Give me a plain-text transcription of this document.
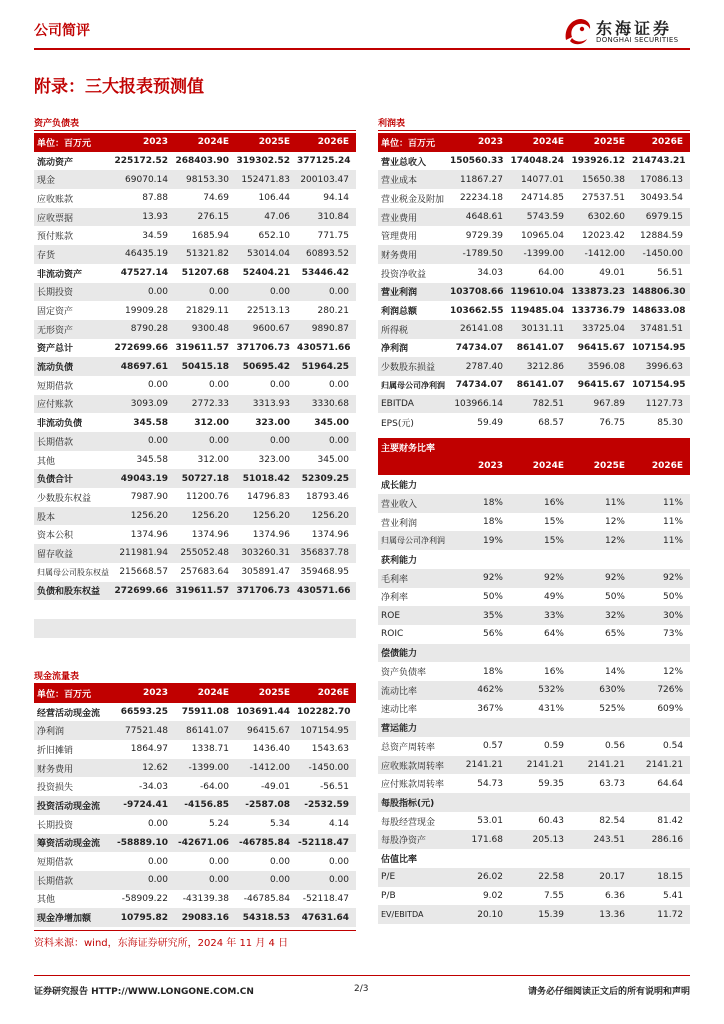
公司简评	东海证券
DONGHAI SECURITIES
附录：三大报表预测值
资产负债表
单位：百万元	2023	2024E	2025E	2026E
流动资产	225172.52	268403.90	319302.52	377125.24
现金	69070.14	98153.30	152471.83	200103.47
应收账款	87.88	74.69	106.44	94.14
应收票据	13.93	276.15	47.06	310.84
预付账款	34.59	1685.94	652.10	771.75
存货	46435.19	51321.82	53014.04	60893.52
非流动资产	47527.14	51207.68	52404.21	53446.42
长期投资	0.00	0.00	0.00	0.00
固定资产	19909.28	21829.11	22513.13	280.21
无形资产	8790.28	9300.48	9600.67	9890.87
资产总计	272699.66	319611.57	371706.73	430571.66
流动负债	48697.61	50415.18	50695.42	51964.25
短期借款	0.00	0.00	0.00	0.00
应付账款	3093.09	2772.33	3313.93	3330.68
非流动负债	345.58	312.00	323.00	345.00
长期借款	0.00	0.00	0.00	0.00
其他	345.58	312.00	323.00	345.00
负债合计	49043.19	50727.18	51018.42	52309.25
少数股东权益	7987.90	11200.76	14796.83	18793.46
股本	1256.20	1256.20	1256.20	1256.20
资本公积	1374.96	1374.96	1374.96	1374.96
留存收益	211981.94	255052.48	303260.31	356837.78
归属母公司股东权益	215668.57	257683.64	305891.47	359468.95
负债和股东权益	272699.66	319611.57	371706.73	430571.66

现金流量表
单位：百万元	2023	2024E	2025E	2026E
经营活动现金流	66593.25	75911.08	103691.44	102282.70
净利润	77521.48	86141.07	96415.67	107154.95
折旧摊销	1864.97	1338.71	1436.40	1543.63
财务费用	12.62	-1399.00	-1412.00	-1450.00
投资损失	-34.03	-64.00	-49.01	-56.51
投资活动现金流	-9724.41	-4156.85	-2587.08	-2532.59
长期投资	0.00	5.24	5.34	4.14
筹资活动现金流	-58889.10	-42671.06	-46785.84	-52118.47
短期借款	0.00	0.00	0.00	0.00
长期借款	0.00	0.00	0.00	0.00
其他	-58909.22	-43139.38	-46785.84	-52118.47
现金净增加额	10795.82	29083.16	54318.53	47631.64
利润表
单位：百万元	2023	2024E	2025E	2026E
营业总收入	150560.33	174048.24	193926.12	214743.21
营业成本	11867.27	14077.01	15650.38	17086.13
营业税金及附加	22234.18	24714.85	27537.51	30493.54
营业费用	4648.61	5743.59	6302.60	6979.15
管理费用	9729.39	10965.04	12023.42	12884.59
财务费用	-1789.50	-1399.00	-1412.00	-1450.00
投资净收益	34.03	64.00	49.01	56.51
营业利润	103708.66	119610.04	133873.23	148806.30
利润总额	103662.55	119485.04	133736.79	148633.08
所得税	26141.08	30131.11	33725.04	37481.51
净利润	74734.07	86141.07	96415.67	107154.95
少数股东损益	2787.40	3212.86	3596.08	3996.63
归属母公司净利润	74734.07	86141.07	96415.67	107154.95
EBITDA	103966.14	782.51	967.89	1127.73
EPS(元)	59.49	68.57	76.75	85.30
主要财务比率				
	2023	2024E	2025E	2026E
成长能力				
营业收入	18%	16%	11%	11%
营业利润	18%	15%	12%	11%
归属母公司净利润	19%	15%	12%	11%
获利能力				
毛利率	92%	92%	92%	92%
净利率	50%	49%	50%	50%
ROE	35%	33%	32%	30%
ROIC	56%	64%	65%	73%
偿债能力				
资产负债率	18%	16%	14%	12%
流动比率	462%	532%	630%	726%
速动比率	367%	431%	525%	609%
营运能力				
总资产周转率	0.57	0.59	0.56	0.54
应收账款周转率	2141.21	2141.21	2141.21	2141.21
应付账款周转率	54.73	59.35	63.73	64.64
每股指标(元)				
每股经营现金	53.01	60.43	82.54	81.42
每股净资产	171.68	205.13	243.51	286.16
估值比率				
P/E	26.02	22.58	20.17	18.15
P/B	9.02	7.55	6.36	5.41
EV/EBITDA	20.10	15.39	13.36	11.72
资料来源：wind，东海证券研究所，2024 年 11 月 4 日
证券研究报告 HTTP://WWW.LONGONE.COM.CN	2/3	请务必仔细阅读正文后的所有说明和声明
